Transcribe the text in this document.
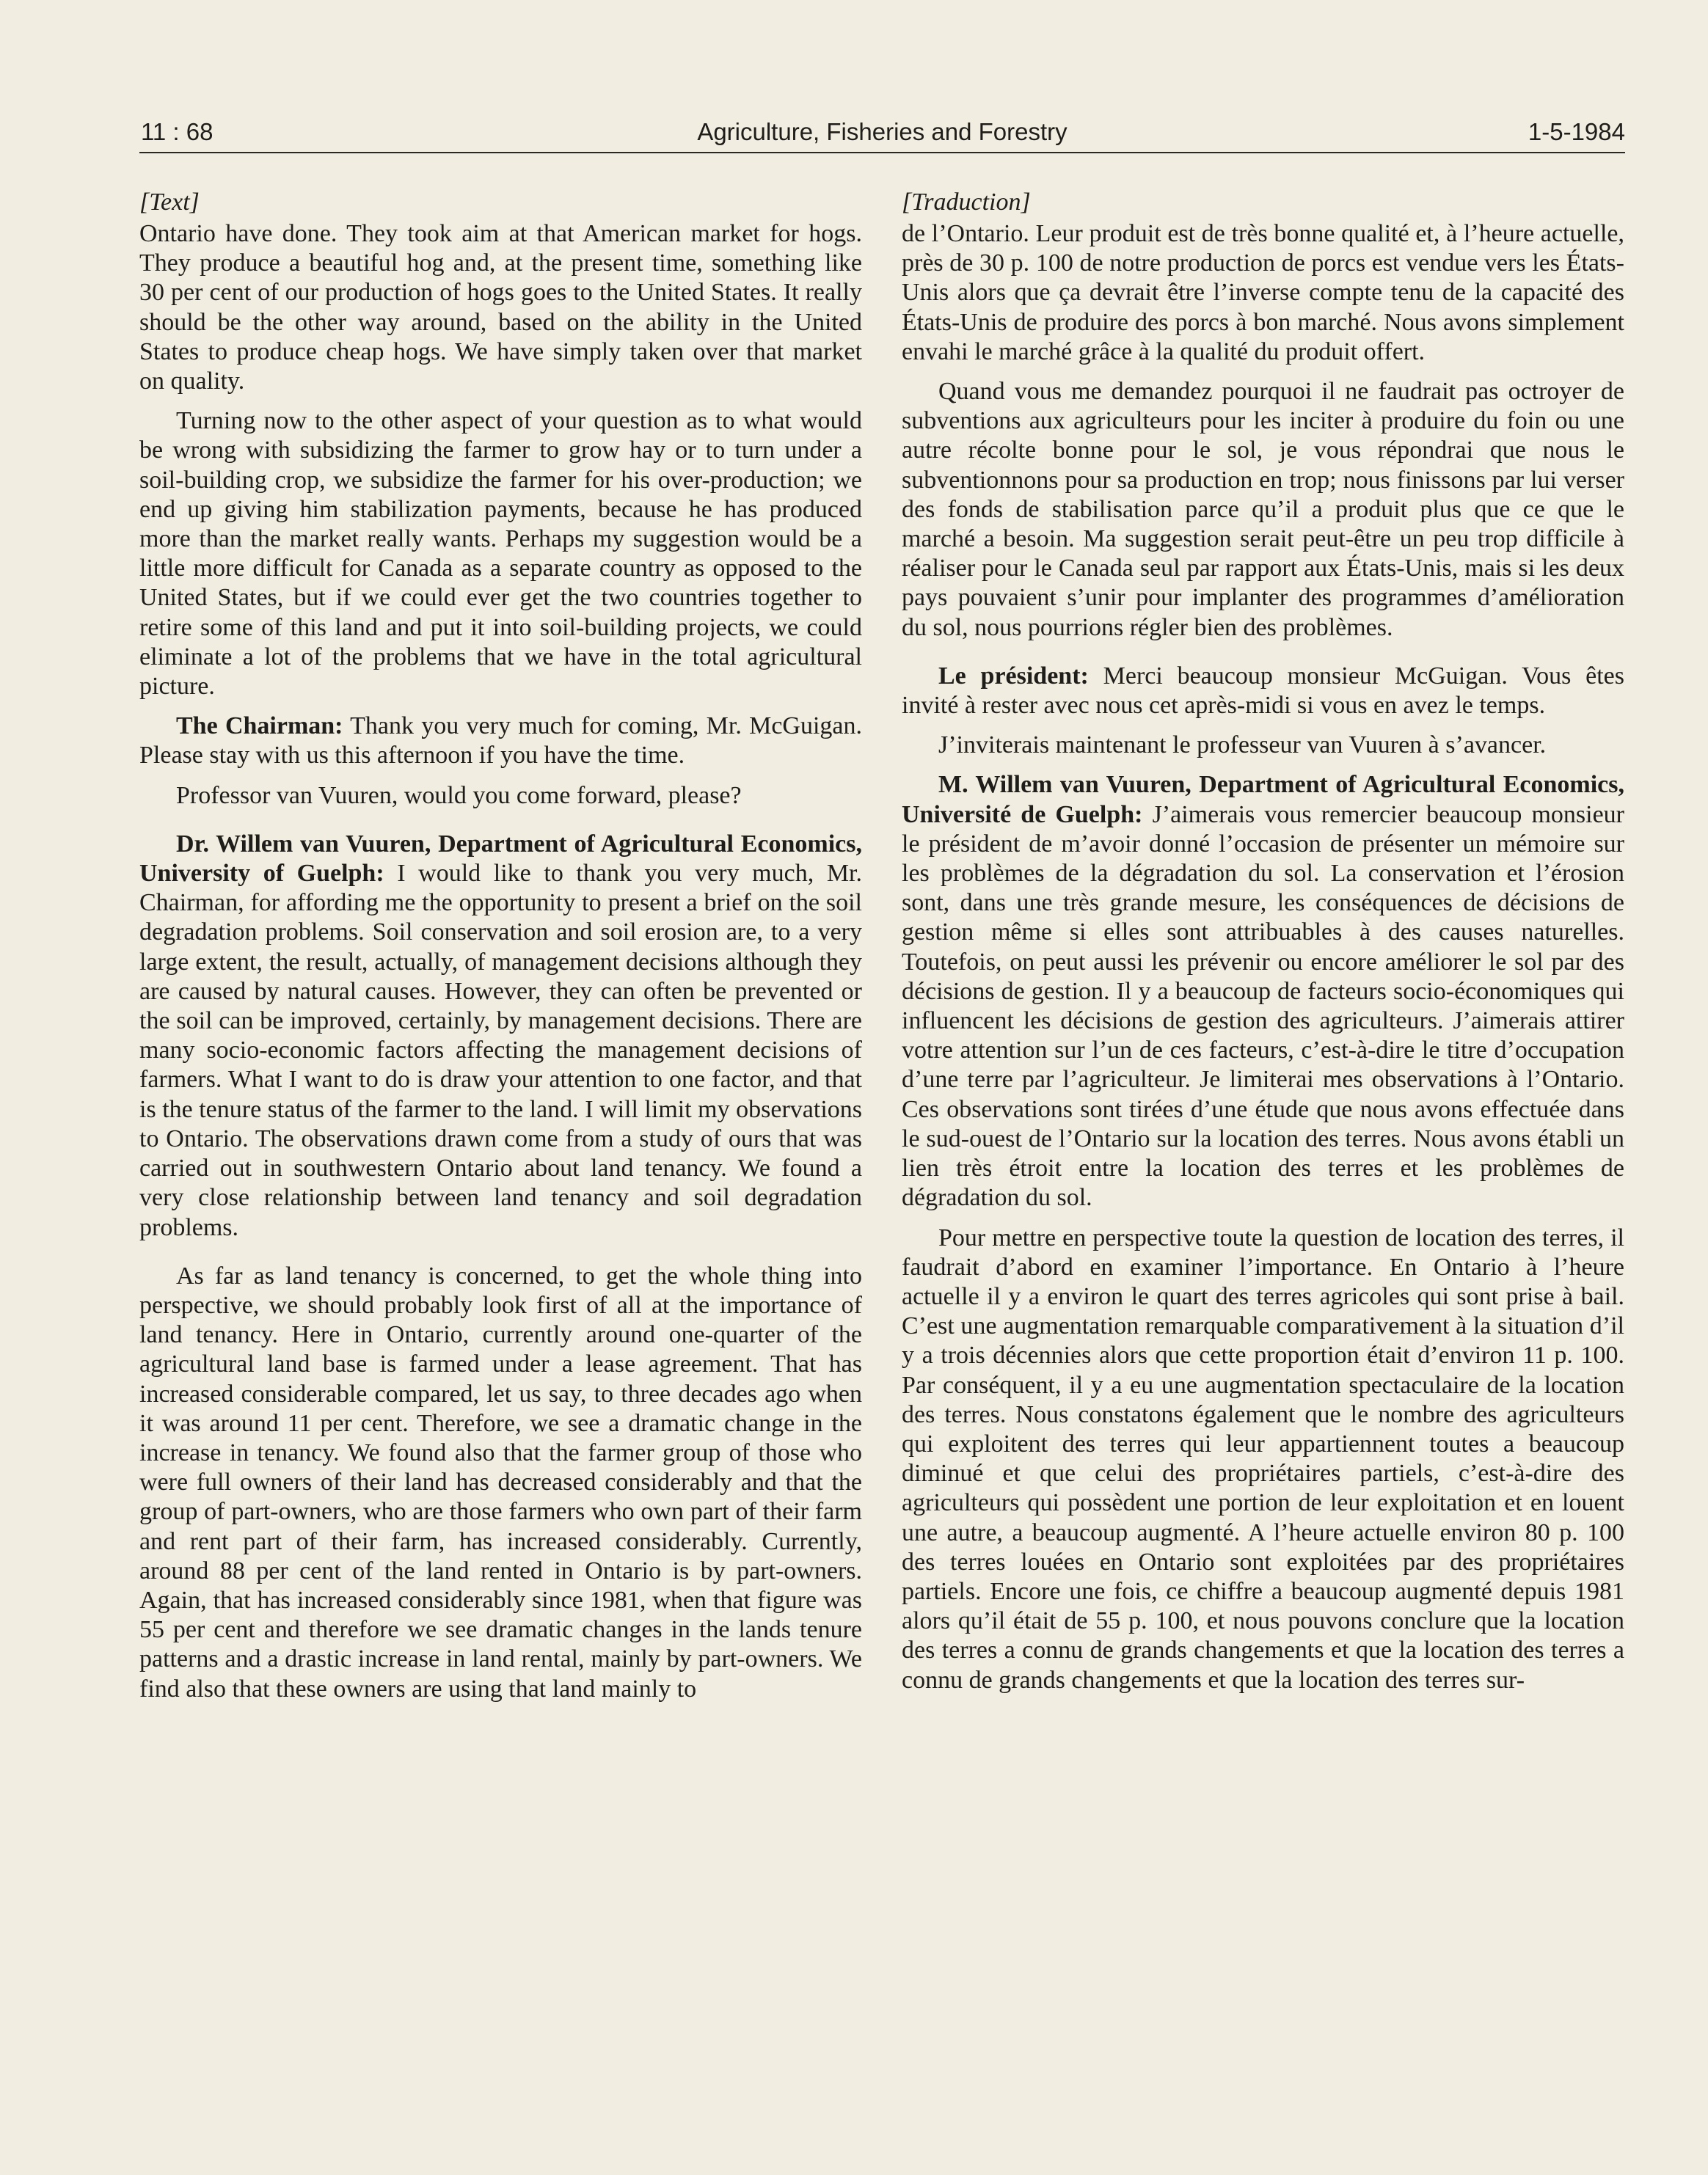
11 : 68	Agriculture, Fisheries and Forestry	1-5-1984
[Text]

Ontario have done. They took aim at that American market for hogs. They produce a beautiful hog and, at the present time, something like 30 per cent of our production of hogs goes to the United States. It really should be the other way around, based on the ability in the United States to produce cheap hogs. We have simply taken over that market on quality.

Turning now to the other aspect of your question as to what would be wrong with subsidizing the farmer to grow hay or to turn under a soil-building crop, we subsidize the farmer for his over-production; we end up giving him stabilization payments, because he has produced more than the market really wants. Perhaps my suggestion would be a little more difficult for Canada as a separate country as opposed to the United States, but if we could ever get the two countries together to retire some of this land and put it into soil-building projects, we could eliminate a lot of the problems that we have in the total agricultural picture.

The Chairman: Thank you very much for coming, Mr. McGuigan. Please stay with us this afternoon if you have the time.

Professor van Vuuren, would you come forward, please?

Dr. Willem van Vuuren, Department of Agricultural Economics, University of Guelph: I would like to thank you very much, Mr. Chairman, for affording me the opportunity to present a brief on the soil degradation problems. Soil conservation and soil erosion are, to a very large extent, the result, actually, of management decisions although they are caused by natural causes. However, they can often be prevented or the soil can be improved, certainly, by management decisions. There are many socio-economic factors affecting the management decisions of farmers. What I want to do is draw your attention to one factor, and that is the tenure status of the farmer to the land. I will limit my observations to Ontario. The observations drawn come from a study of ours that was carried out in southwestern Ontario about land tenancy. We found a very close relationship between land tenancy and soil degradation problems.

As far as land tenancy is concerned, to get the whole thing into perspective, we should probably look first of all at the importance of land tenancy. Here in Ontario, currently around one-quarter of the agricultural land base is farmed under a lease agreement. That has increased considerable compared, let us say, to three decades ago when it was around 11 per cent. Therefore, we see a dramatic change in the increase in tenancy. We found also that the farmer group of those who were full owners of their land has decreased considerably and that the group of part-owners, who are those farmers who own part of their farm and rent part of their farm, has increased considerably. Currently, around 88 per cent of the land rented in Ontario is by part-owners. Again, that has increased considerably since 1981, when that figure was 55 per cent and therefore we see dramatic changes in the lands tenure patterns and a drastic increase in land rental, mainly by part-owners. We find also that these owners are using that land mainly to

[Traduction]

de l’Ontario. Leur produit est de très bonne qualité et, à l’heure actuelle, près de 30 p. 100 de notre production de porcs est vendue vers les États-Unis alors que ça devrait être l’inverse compte tenu de la capacité des États-Unis de produire des porcs à bon marché. Nous avons simplement envahi le marché grâce à la qualité du produit offert.

Quand vous me demandez pourquoi il ne faudrait pas octroyer de subventions aux agriculteurs pour les inciter à produire du foin ou une autre récolte bonne pour le sol, je vous répondrai que nous le subventionnons pour sa production en trop; nous finissons par lui verser des fonds de stabilisation parce qu’il a produit plus que ce que le marché a besoin. Ma suggestion serait peut-être un peu trop difficile à réaliser pour le Canada seul par rapport aux États-Unis, mais si les deux pays pouvaient s’unir pour implanter des programmes d’amélioration du sol, nous pourrions régler bien des problèmes.

Le président: Merci beaucoup monsieur McGuigan. Vous êtes invité à rester avec nous cet après-midi si vous en avez le temps.

J’inviterais maintenant le professeur van Vuuren à s’avancer.

M. Willem van Vuuren, Department of Agricultural Economics, Université de Guelph: J’aimerais vous remercier beaucoup monsieur le président de m’avoir donné l’occasion de présenter un mémoire sur les problèmes de la dégradation du sol. La conservation et l’érosion sont, dans une très grande mesure, les conséquences de décisions de gestion même si elles sont attribuables à des causes naturelles. Toutefois, on peut aussi les prévenir ou encore améliorer le sol par des décisions de gestion. Il y a beaucoup de facteurs socio-économiques qui influencent les décisions de gestion des agriculteurs. J’aimerais attirer votre attention sur l’un de ces facteurs, c’est-à-dire le titre d’occupation d’une terre par l’agriculteur. Je limiterai mes observations à l’Ontario. Ces observations sont tirées d’une étude que nous avons effectuée dans le sud-ouest de l’Ontario sur la location des terres. Nous avons établi un lien très étroit entre la location des terres et les problèmes de dégradation du sol.

Pour mettre en perspective toute la question de location des terres, il faudrait d’abord en examiner l’importance. En Ontario à l’heure actuelle il y a environ le quart des terres agricoles qui sont prise à bail. C’est une augmentation remarquable comparativement à la situation d’il y a trois décennies alors que cette proportion était d’environ 11 p. 100. Par conséquent, il y a eu une augmentation spectaculaire de la location des terres. Nous constatons également que le nombre des agriculteurs qui exploitent des terres qui leur appartiennent toutes a beaucoup diminué et que celui des propriétaires partiels, c’est-à-dire des agriculteurs qui possèdent une portion de leur exploitation et en louent une autre, a beaucoup augmenté. A l’heure actuelle environ 80 p. 100 des terres louées en Ontario sont exploitées par des propriétaires partiels. Encore une fois, ce chiffre a beaucoup augmenté depuis 1981 alors qu’il était de 55 p. 100, et nous pouvons conclure que la location des terres a connu de grands changements et que la location des terres a connu de grands changements et que la location des terres sur-
